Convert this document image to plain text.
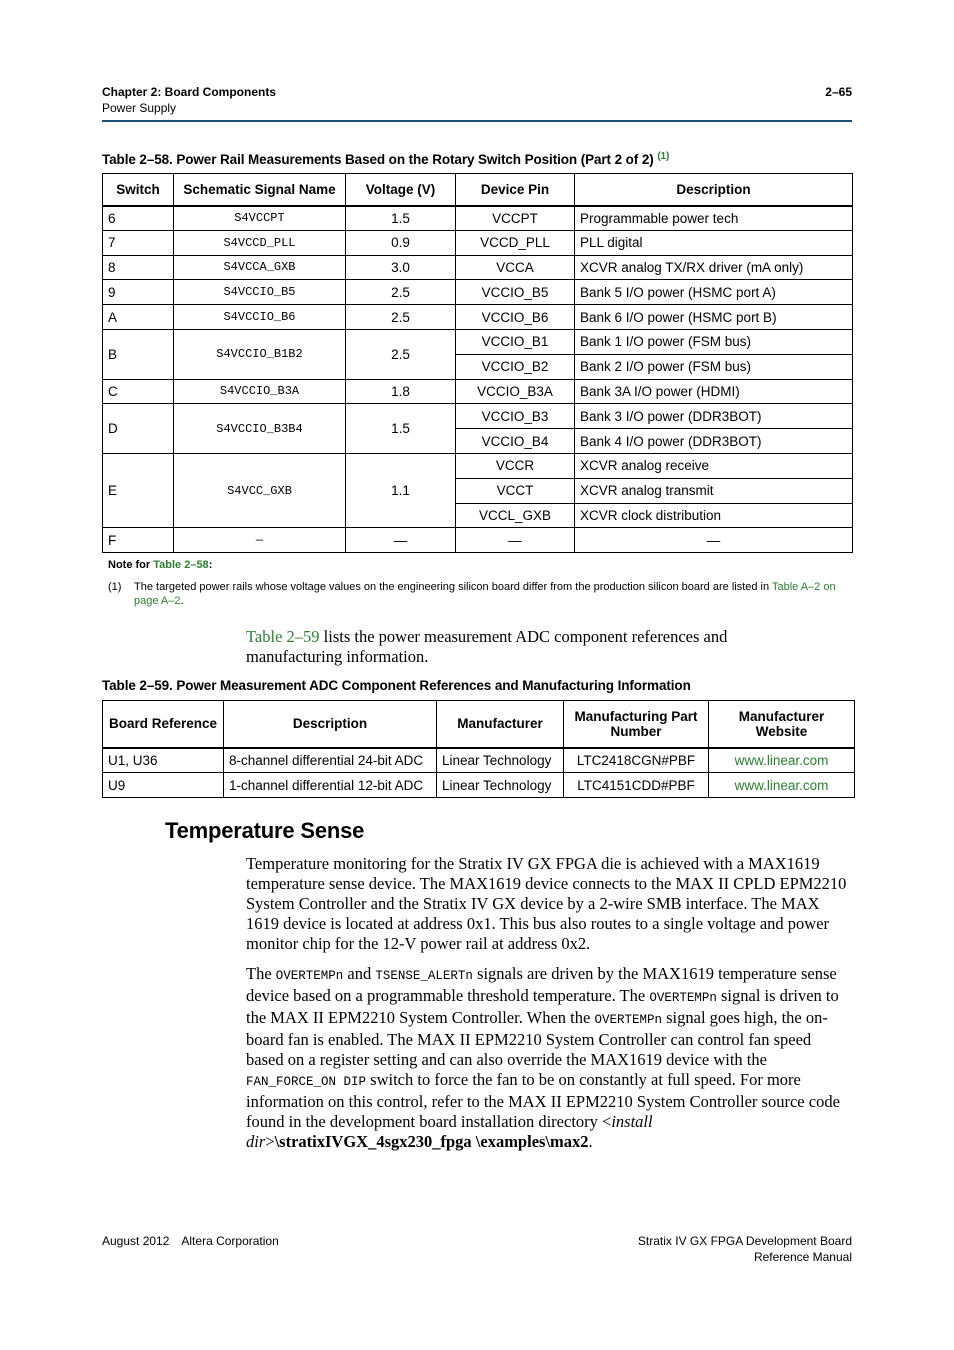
Chapter 2: Board Components
Power Supply
2–65
Table 2–58. Power Rail Measurements Based on the Rotary Switch Position (Part 2 of 2) $^{(1)}$
Switch	Schematic Signal Name	Voltage (V)	Device Pin	Description
6	S4VCCPT	1.5	VCCPT	Programmable power tech
7	S4VCCD_PLL	0.9	VCCD_PLL	PLL digital
8	S4VCCA_GXB	3.0	VCCA	XCVR analog TX/RX driver (mA only)
9	S4VCCIO_B5	2.5	VCCIO_B5	Bank 5 I/O power (HSMC port A)
A	S4VCCIO_B6	2.5	VCCIO_B6	Bank 6 I/O power (HSMC port B)
B	S4VCCIO_B1B2	2.5	VCCIO_B1	Bank 1 I/O power (FSM bus)
			VCCIO_B2	Bank 2 I/O power (FSM bus)
C	S4VCCIO_B3A	1.8	VCCIO_B3A	Bank 3A I/O power (HDMI)
D	S4VCCIO_B3B4	1.5	VCCIO_B3	Bank 3 I/O power (DDR3BOT)
			VCCIO_B4	Bank 4 I/O power (DDR3BOT)
E	S4VCC_GXB	1.1	VCCR	XCVR analog receive
			VCCT	XCVR analog transmit
			VCCL_GXB	XCVR clock distribution
F	—	—	—	—
Note for Table 2–58:
(1) The targeted power rails whose voltage values on the engineering silicon board differ from the production silicon board are listed in Table A–2 on page A–2.
Table 2–59 lists the power measurement ADC component references and manufacturing information.
Table 2–59. Power Measurement ADC Component References and Manufacturing Information
Board Reference	Description	Manufacturer	Manufacturing Part Number	Manufacturer Website
U1, U36	8-channel differential 24-bit ADC	Linear Technology	LTC2418CGN#PBF	www.linear.com
U9	1-channel differential 12-bit ADC	Linear Technology	LTC4151CDD#PBF	www.linear.com
Temperature Sense
Temperature monitoring for the Stratix IV GX FPGA die is achieved with a MAX1619 temperature sense device. The MAX1619 device connects to the MAX II CPLD EPM2210 System Controller and the Stratix IV GX device by a 2-wire SMB interface. The MAX 1619 device is located at address 0x1. This bus also routes to a single voltage and power monitor chip for the 12-V power rail at address 0x2.
The OVERTEMPn and TSENSE_ALERTn signals are driven by the MAX1619 temperature sense device based on a programmable threshold temperature. The OVERTEMPn signal is driven to the MAX II EPM2210 System Controller. When the OVERTEMPn signal goes high, the on-board fan is enabled. The MAX II EPM2210 System Controller can control fan speed based on a register setting and can also override the MAX1619 device with the FAN_FORCE_ON DIP switch to force the fan to be on constantly at full speed. For more information on this control, refer to the MAX II EPM2210 System Controller source code found in the development board installation directory <install dir>\stratixIVGX_4sgx230_fpga \examples\max2.
August 2012 Altera Corporation	Stratix IV GX FPGA Development Board
Reference Manual
